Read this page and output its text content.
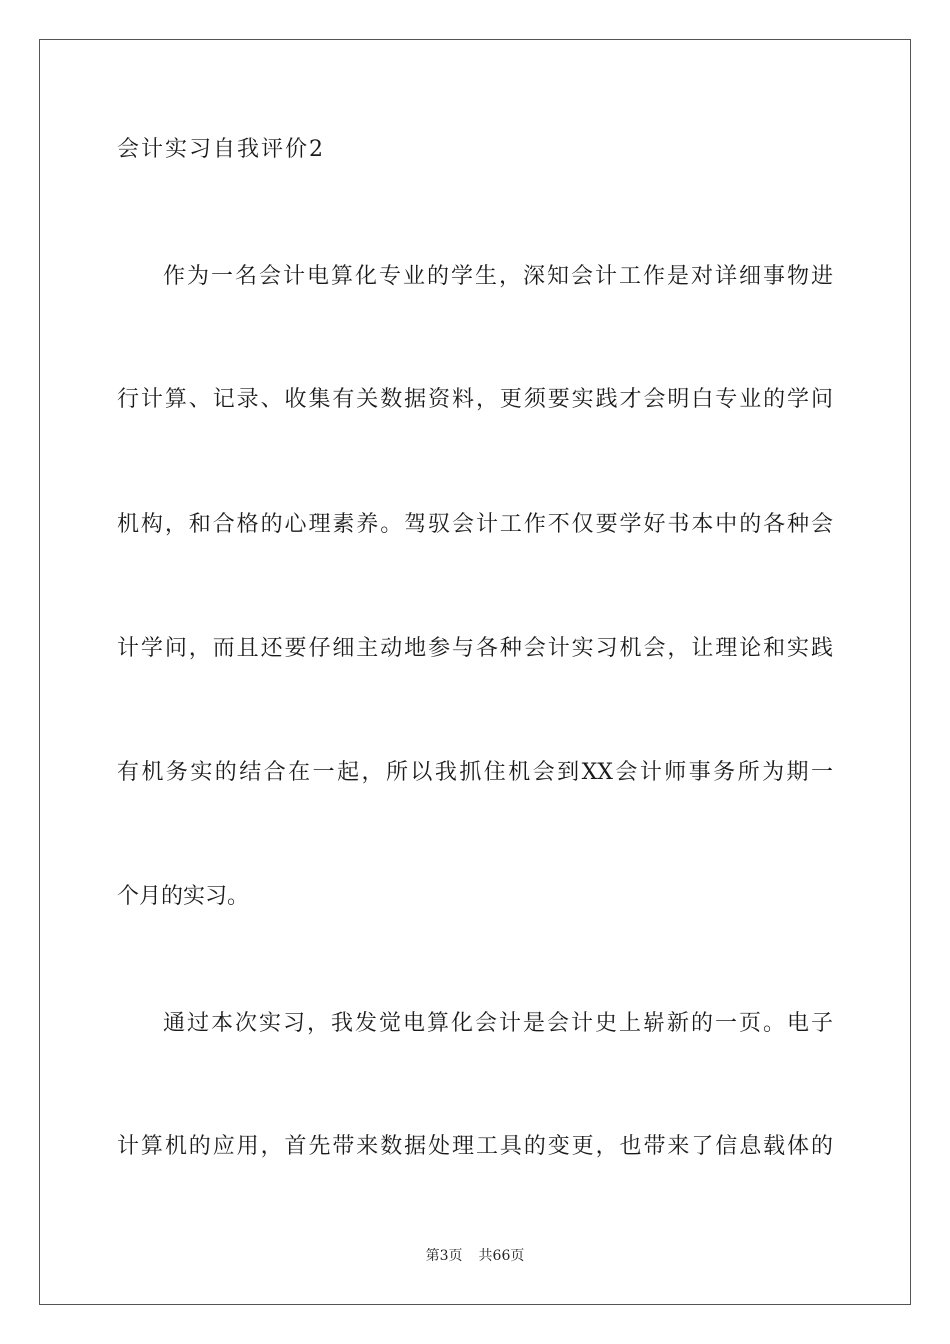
会计实习自我评价2
作为一名会计电算化专业的学生，深知会计工作是对详细事物进
行计算、记录、收集有关数据资料，更须要实践才会明白专业的学问
机构，和合格的心理素养。驾驭会计工作不仅要学好书本中的各种会
计学问，而且还要仔细主动地参与各种会计实习机会，让理论和实践
有机务实的结合在一起，所以我抓住机会到XX会计师事务所为期一
个月的实习。
通过本次实习，我发觉电算化会计是会计史上崭新的一页。电子
计算机的应用，首先带来数据处理工具的变更，也带来了信息载体的
第3页 共66页
